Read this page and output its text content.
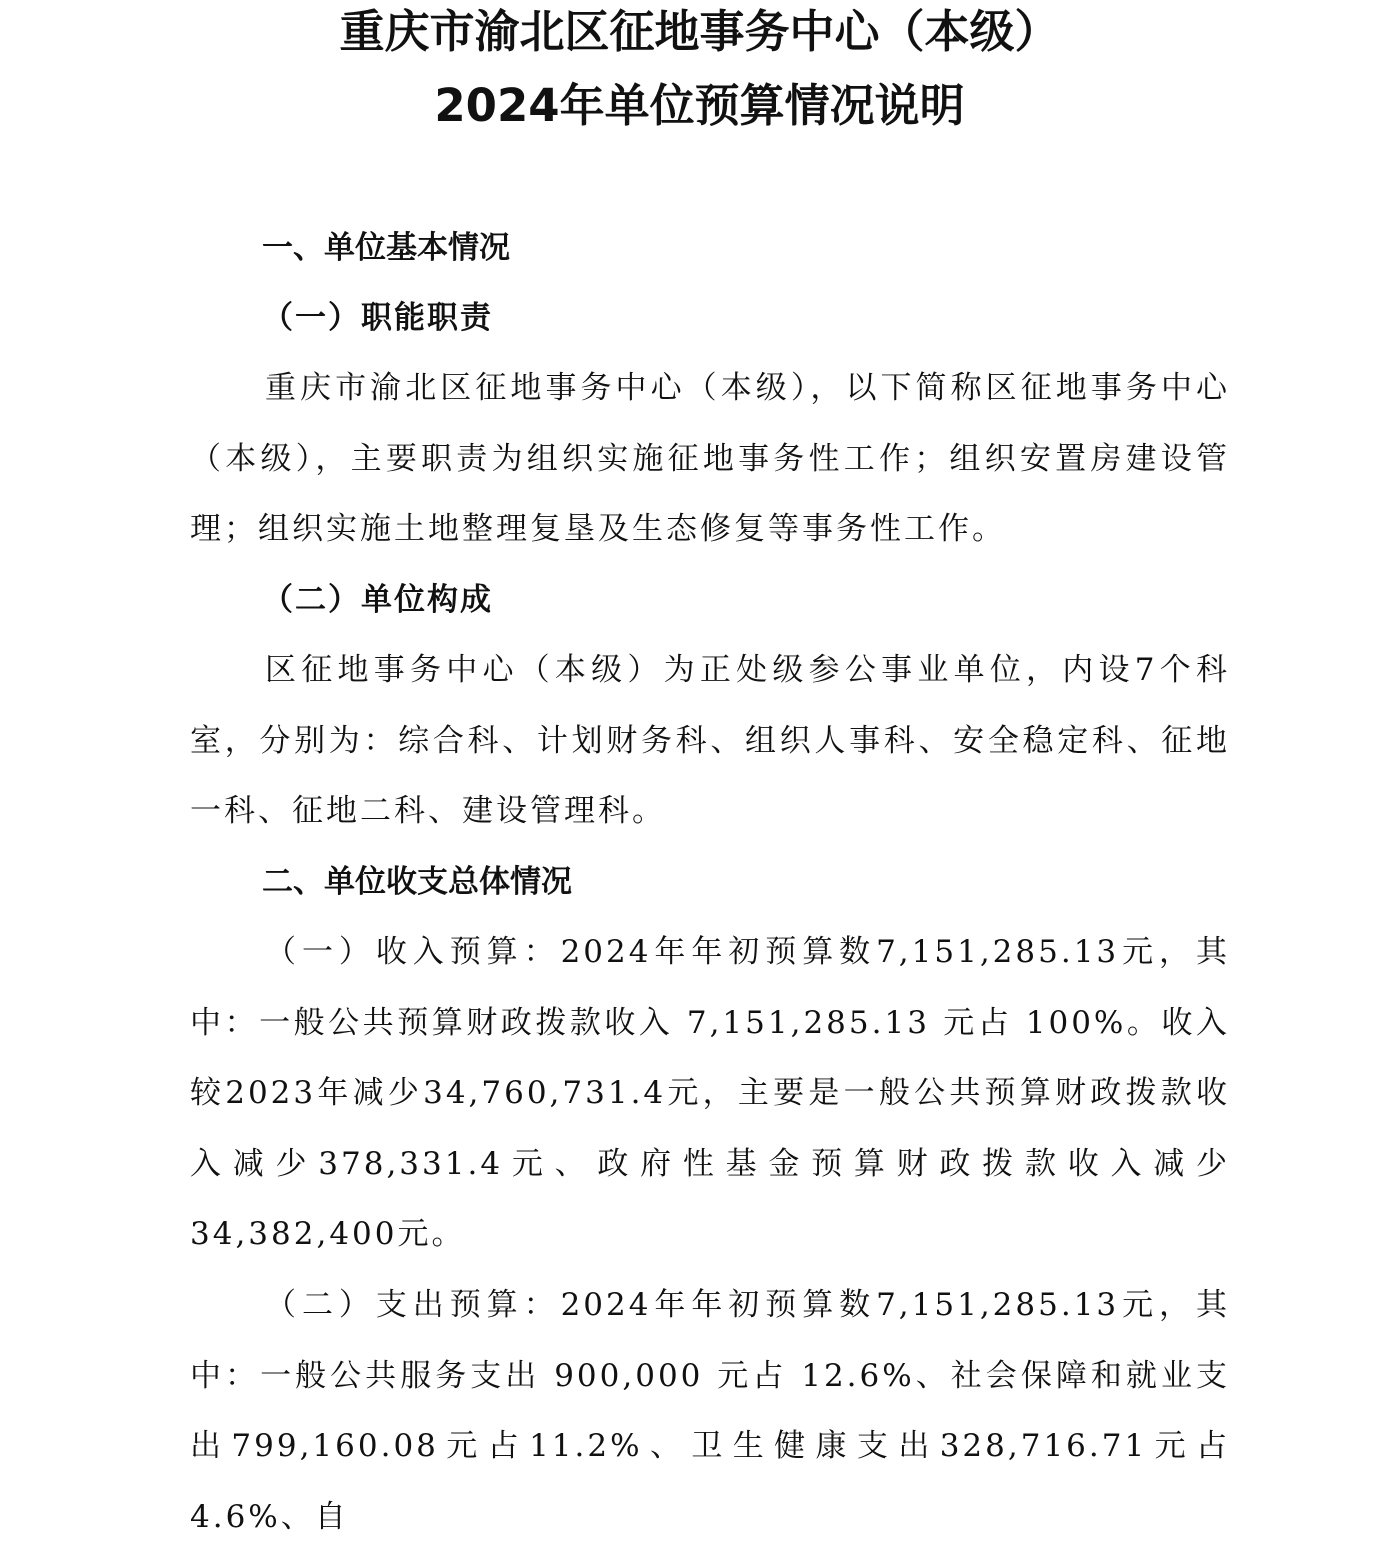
重庆市渝北区征地事务中心（本级）
2024年单位预算情况说明
一、单位基本情况
（一）职能职责

重庆市渝北区征地事务中心（本级），以下简称区征地事务中心（本级），主要职责为组织实施征地事务性工作；组织安置房建设管理；组织实施土地整理复垦及生态修复等事务性工作。

（二）单位构成

区征地事务中心（本级）为正处级参公事业单位，内设7个科室，分别为：综合科、计划财务科、组织人事科、安全稳定科、征地一科、征地二科、建设管理科。

二、单位收支总体情况

（一）收入预算：2024年年初预算数7,151,285.13元，其中：一般公共预算财政拨款收入 7,151,285.13 元占 100%。收入较2023年减少34,760,731.4元，主要是一般公共预算财政拨款收入减少378,331.4元、政府性基金预算财政拨款收入减少34,382,400元。

（二）支出预算：2024年年初预算数7,151,285.13元，其中：一般公共服务支出 900,000 元占 12.6%、社会保障和就业支出799,160.08元占11.2%、卫生健康支出328,716.71元占4.6%、自
